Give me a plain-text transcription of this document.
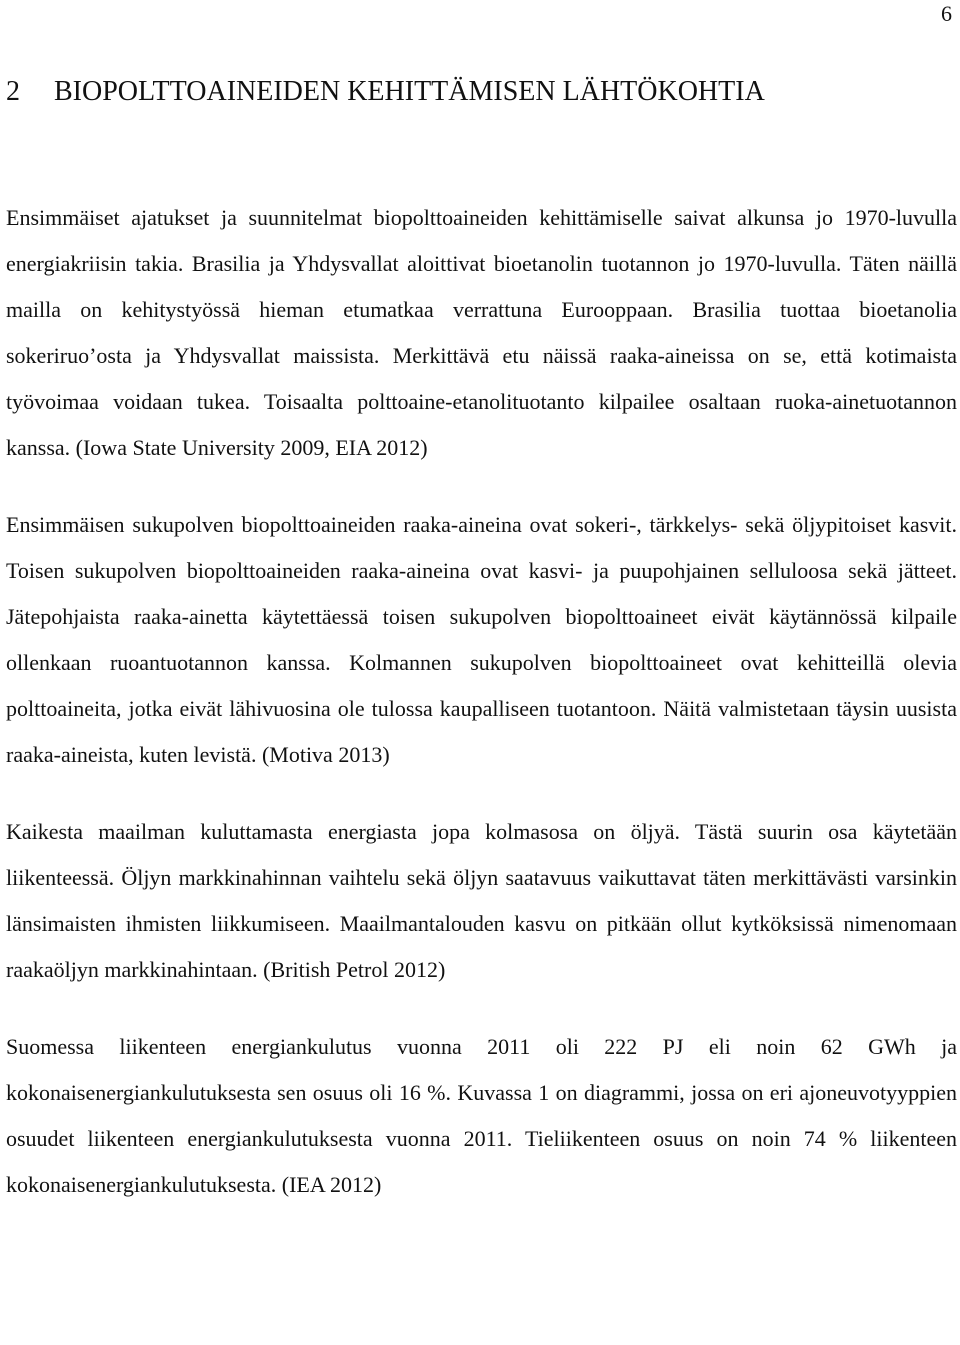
6
2 BIOPOLTTOAINEIDEN KEHITTÄMISEN LÄHTÖKOHTIA

Ensimmäiset ajatukset ja suunnitelmat biopolttoaineiden kehittämiselle saivat alkunsa jo 1970-luvulla energiakriisin takia. Brasilia ja Yhdysvallat aloittivat bioetanolin tuotannon jo 1970-luvulla. Täten näillä mailla on kehitystyössä hieman etumatkaa verrattuna Eurooppaan. Brasilia tuottaa bioetanolia sokeriruo’osta ja Yhdysvallat maissista. Merkittävä etu näissä raaka-aineissa on se, että kotimaista työvoimaa voidaan tukea. Toisaalta polttoaine-etanolituotanto kilpailee osaltaan ruoka-ainetuotannon kanssa. (Iowa State University 2009, EIA 2012)

Ensimmäisen sukupolven biopolttoaineiden raaka-aineina ovat sokeri-, tärkkelys- sekä öljypitoiset kasvit. Toisen sukupolven biopolttoaineiden raaka-aineina ovat kasvi- ja puupohjainen selluloosa sekä jätteet. Jätepohjaista raaka-ainetta käytettäessä toisen sukupolven biopolttoaineet eivät käytännössä kilpaile ollenkaan ruoantuotannon kanssa. Kolmannen sukupolven biopolttoaineet ovat kehitteillä olevia polttoaineita, jotka eivät lähivuosina ole tulossa kaupalliseen tuotantoon. Näitä valmistetaan täysin uusista raaka-aineista, kuten levistä. (Motiva 2013)

Kaikesta maailman kuluttamasta energiasta jopa kolmasosa on öljyä. Tästä suurin osa käytetään liikenteessä. Öljyn markkinahinnan vaihtelu sekä öljyn saatavuus vaikuttavat täten merkittävästi varsinkin länsimaisten ihmisten liikkumiseen. Maailmantalouden kasvu on pitkään ollut kytköksissä nimenomaan raakaöljyn markkinahintaan. (British Petrol 2012)

Suomessa liikenteen energiankulutus vuonna 2011 oli 222 PJ eli noin 62 GWh ja kokonaisenergiankulutuksesta sen osuus oli 16 %. Kuvassa 1 on diagrammi, jossa on eri ajoneuvotyyppien osuudet liikenteen energiankulutuksesta vuonna 2011. Tieliikenteen osuus on noin 74 % liikenteen kokonaisenergiankulutuksesta. (IEA 2012)
